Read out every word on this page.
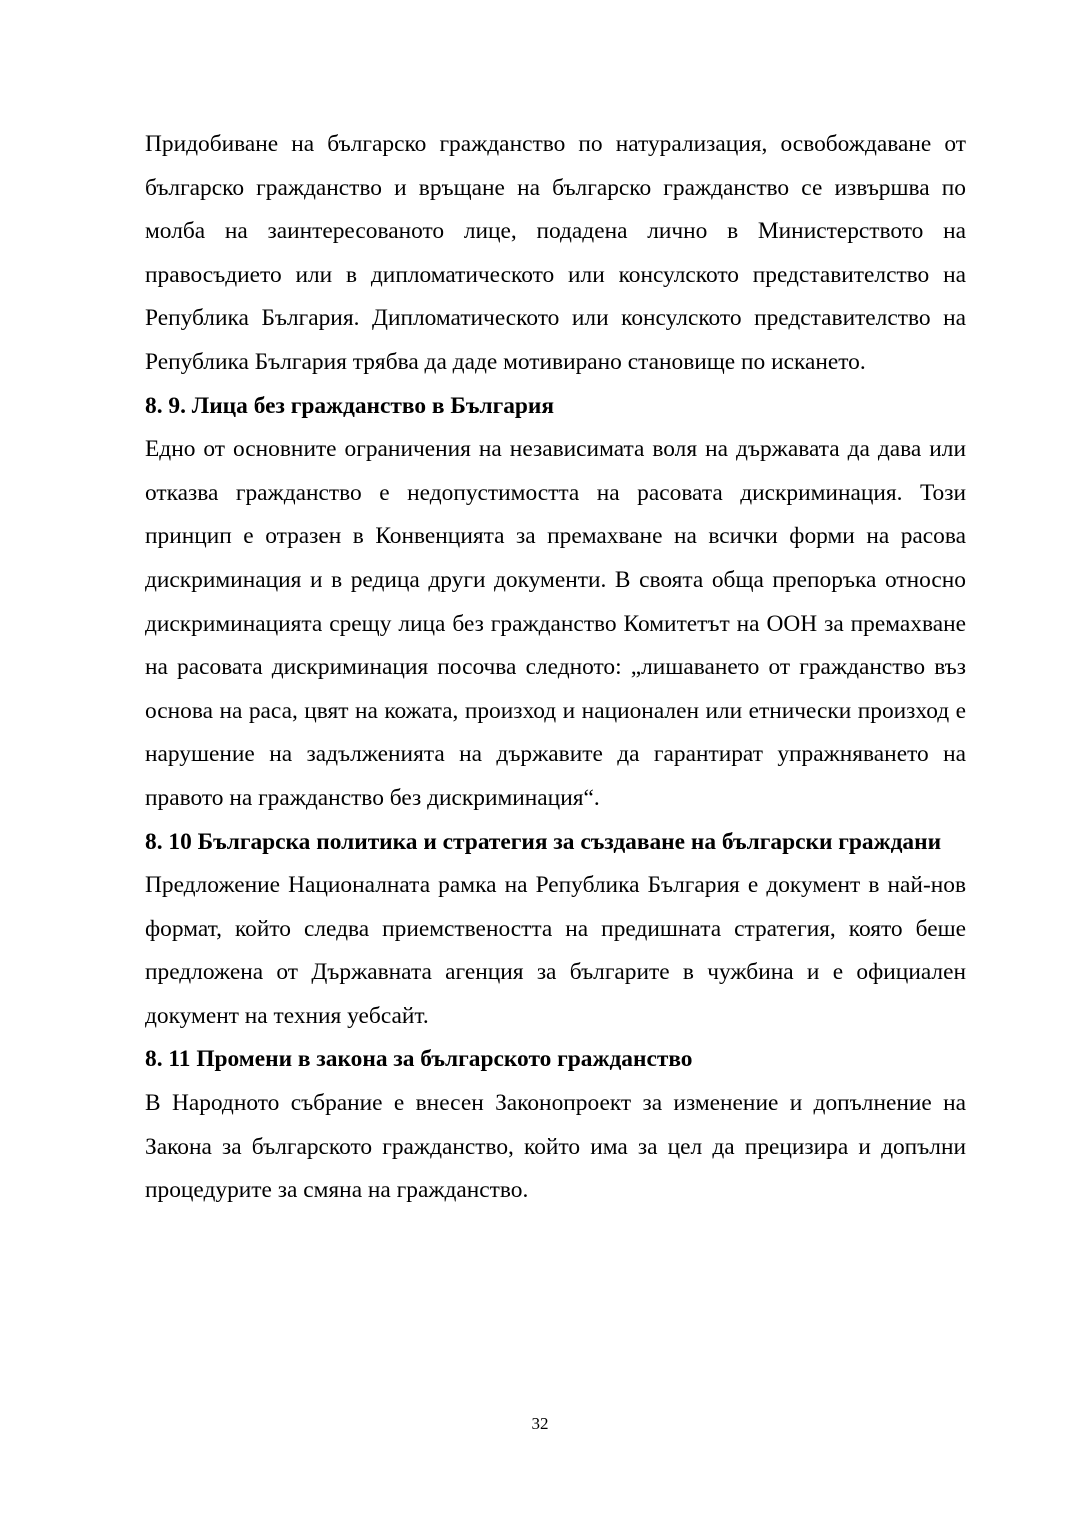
Придобиване на българско гражданство по натурализация, освобождаване от българско гражданство и връщане на българско гражданство се извършва по молба на заинтересованото лице, подадена лично в Министерството на правосъдието или в дипломатическото или консулското представителство на Република България. Дипломатическото или консулското представителство на Република България трябва да даде мотивирано становище по искането.

8. 9. Лица без гражданство в България

Едно от основните ограничения на независимата воля на държавата да дава или отказва гражданство е недопустимостта на расовата дискриминация. Този принцип е отразен в Конвенцията за премахване на всички форми на расова дискриминация и в редица други документи. В своята обща препоръка относно дискриминацията срещу лица без гражданство Комитетът на ООН за премахване на расовата дискриминация посочва следното: „лишаването от гражданство въз основа на раса, цвят на кожата, произход и национален или етнически произход е нарушение на задълженията на държавите да гарантират упражняването на правото на гражданство без дискриминация“.

8. 10 Българска политика и стратегия за създаване на български граждани

Предложение Националната рамка на Република България е документ в най-нов формат, който следва приемствеността на предишната стратегия, която беше предложена от Държавната агенция за българите в чужбина и е официален документ на техния уебсайт.

8. 11 Промени в закона за българското гражданство

В Народното събрание е внесен Законопроект за изменение и допълнение на Закона за българското гражданство, който има за цел да прецизира и допълни процедурите за смяна на гражданство.

32
